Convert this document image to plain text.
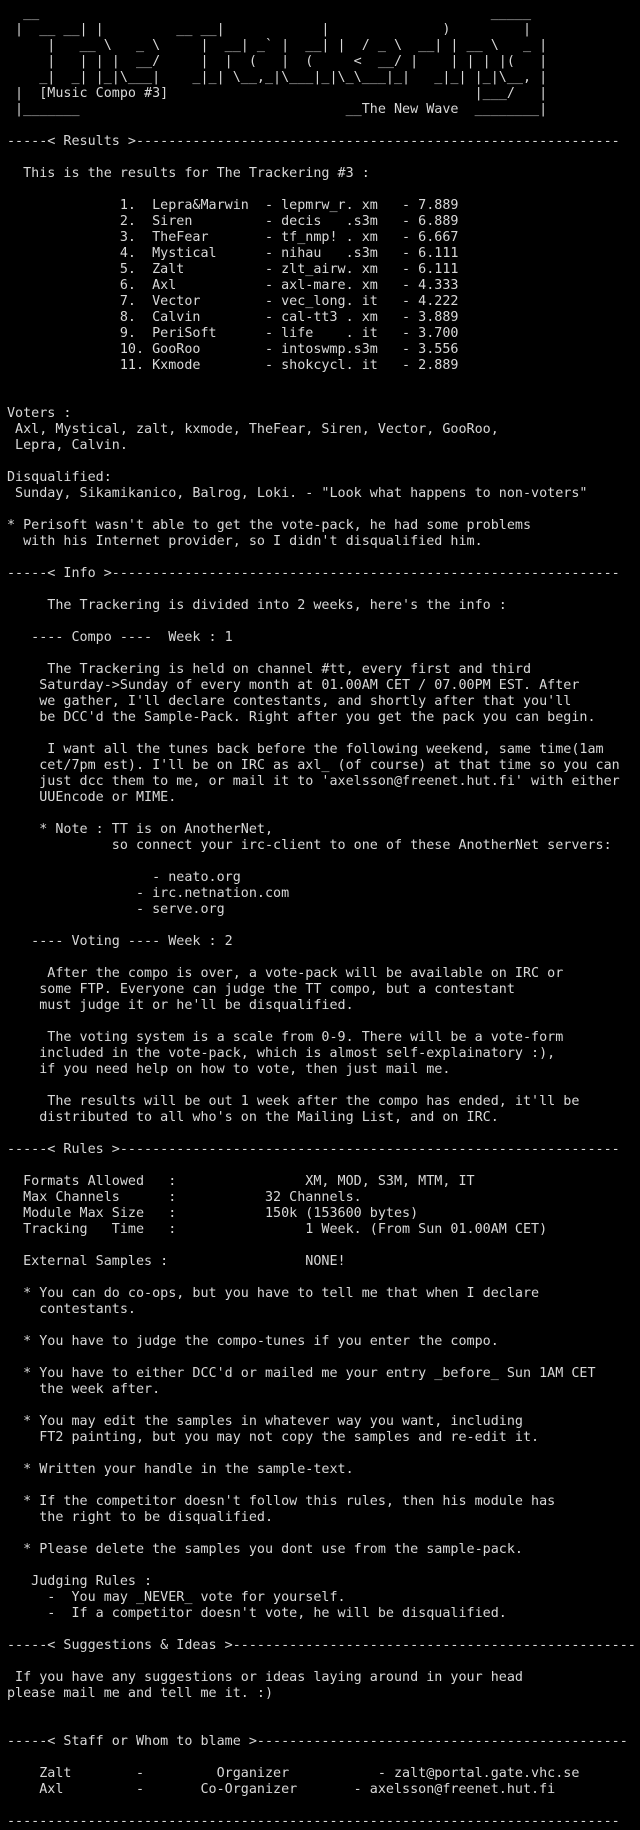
__                                                        _____
|  __ __| |         __ __|            |              )         |
|   __ \   _ \     |  __| _` |  __| |  / _ \  __| | __ \   _ |
|   | | |  __/     |  |  (   |  (     <  __/ |    | | | |(   |
_|  _| |_|\___|    _|_| \__,_|\___|_|\_\___|_|   _|_| |_|\__, |
|  [Music Compo #3]                                      |___/   |
|_______                                 __The New Wave  ________|
-----< Results >------------------------------------------------------------
This is the results for The Trackering #3 :
1.  Lepra&Marwin  - lepmrw_r. xm   - 7.889
2.  Siren         - decis   .s3m   - 6.889
3.  TheFear       - tf_nmp! . xm   - 6.667
4.  Mystical      - nihau   .s3m   - 6.111
5.  Zalt          - zlt_airw. xm   - 6.111
6.  Axl           - axl-mare. xm   - 4.333
7.  Vector        - vec_long. it   - 4.222
8.  Calvin        - cal-tt3 . xm   - 3.889
9.  PeriSoft      - life    . it   - 3.700
10. GooRoo        - intoswmp.s3m   - 3.556
11. Kxmode        - shokcycl. it   - 2.889
Voters :
Axl, Mystical, zalt, kxmode, TheFear, Siren, Vector, GooRoo,
Lepra, Calvin.
Disqualified:
Sunday, Sikamikanico, Balrog, Loki. - "Look what happens to non-voters"
* Perisoft wasn't able to get the vote-pack, he had some problems
with his Internet provider, so I didn't disqualified him.
-----< Info >---------------------------------------------------------------
The Trackering is divided into 2 weeks, here's the info :
---- Compo ----  Week : 1
The Trackering is held on channel #tt, every first and third
Saturday->Sunday of every month at 01.00AM CET / 07.00PM EST. After
we gather, I'll declare contestants, and shortly after that you'll
be DCC'd the Sample-Pack. Right after you get the pack you can begin.
I want all the tunes back before the following weekend, same time(1am
cet/7pm est). I'll be on IRC as axl_ (of course) at that time so you can
just dcc them to me, or mail it to 'axelsson@freenet.hut.fi' with either
UUEncode or MIME.
* Note : TT is on AnotherNet,
so connect your irc-client to one of these AnotherNet servers:
- neato.org
- irc.netnation.com
- serve.org
---- Voting ---- Week : 2
After the compo is over, a vote-pack will be available on IRC or
some FTP. Everyone can judge the TT compo, but a contestant
must judge it or he'll be disqualified.
The voting system is a scale from 0-9. There will be a vote-form
included in the vote-pack, which is almost self-explainatory :),
if you need help on how to vote, then just mail me.
The results will be out 1 week after the compo has ended, it'll be
distributed to all who's on the Mailing List, and on IRC.
-----< Rules >--------------------------------------------------------------
Formats Allowed   :                XM, MOD, S3M, MTM, IT
Max Channels      :           32 Channels.
Module Max Size   :           150k (153600 bytes)
Tracking   Time   :                1 Week. (From Sun 01.00AM CET)
External Samples :                 NONE!
* You can do co-ops, but you have to tell me that when I declare
contestants.
* You have to judge the compo-tunes if you enter the compo.
* You have to either DCC'd or mailed me your entry _before_ Sun 1AM CET
the week after.
* You may edit the samples in whatever way you want, including
FT2 painting, but you may not copy the samples and re-edit it.
* Written your handle in the sample-text.
* If the competitor doesn't follow this rules, then his module has
the right to be disqualified.
* Please delete the samples you dont use from the sample-pack.
Judging Rules :
-  You may _NEVER_ vote for yourself.
-  If a competitor doesn't vote, he will be disqualified.
-----< Suggestions & Ideas >--------------------------------------------------
If you have any suggestions or ideas laying around in your head
please mail me and tell me it. :)
-----< Staff or Whom to blame >----------------------------------------------
Zalt        -         Organizer           - zalt@portal.gate.vhc.se
Axl         -       Co-Organizer       - axelsson@freenet.hut.fi
----------------------------------------------------------------------------
